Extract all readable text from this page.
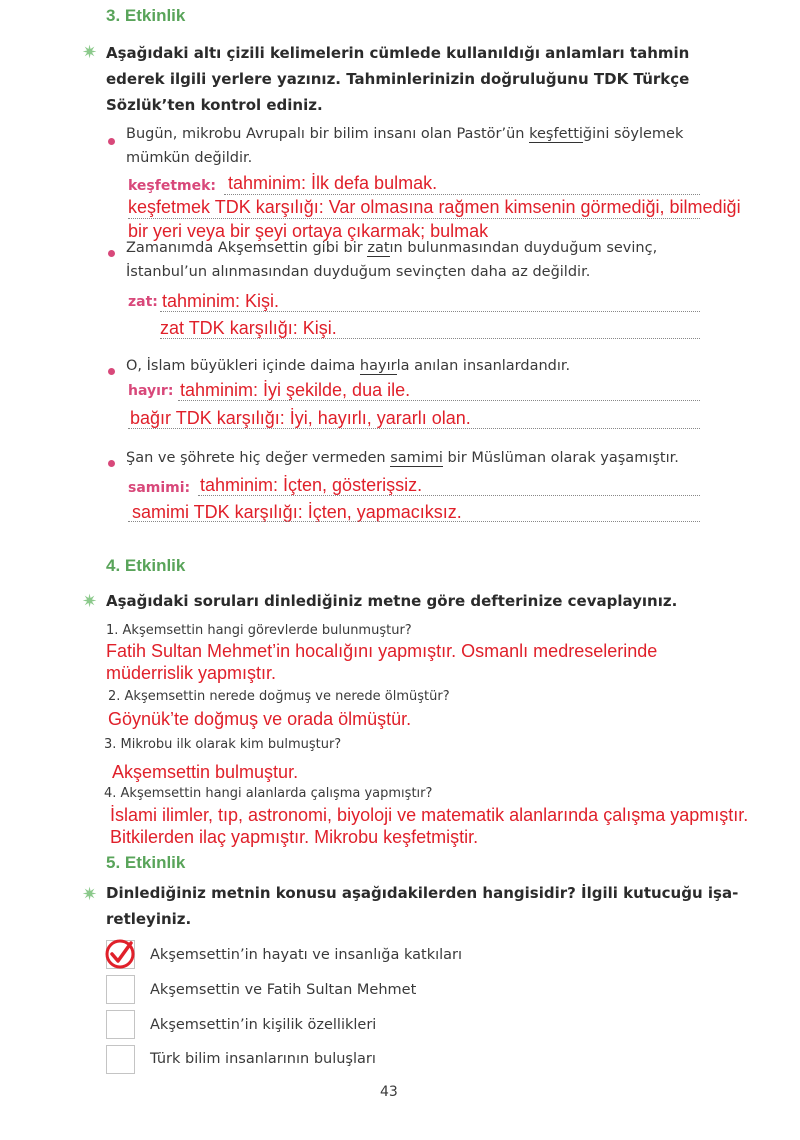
3. Etkinlik
✷ Aşağıdaki altı çizili kelimelerin cümlede kullanıldığı anlamları tahmin
ederek ilgili yerlere yazınız. Tahminlerinizin doğruluğunu TDK Türkçe
Sözlük’ten kontrol ediniz.
Bugün, mikrobu Avrupalı bir bilim insanı olan Pastör’ün keşfettiğini söylemek
mümkün değildir.
keşfetmek: tahminim: İlk defa bulmak.
keşfetmek TDK karşılığı: Var olmasına rağmen kimsenin görmediği, bilmediği
bir yeri veya bir şeyi ortaya çıkarmak; bulmak
Zamanımda Akşemsettin gibi bir zatın bulunmasından duyduğum sevinç,
İstanbul’un alınmasından duyduğum sevinçten daha az değildir.
zat: tahminim: Kişi.
zat TDK karşılığı: Kişi.
O, İslam büyükleri içinde daima hayırla anılan insanlardandır.
hayır: tahminim: İyi şekilde, dua ile.
bağır TDK karşılığı: İyi, hayırlı, yararlı olan.
Şan ve şöhrete hiç değer vermeden samimi bir Müslüman olarak yaşamıştır.
samimi: tahminim: İçten, gösterişsiz.
samimi TDK karşılığı: İçten, yapmacıksız.
4. Etkinlik
✷ Aşağıdaki soruları dinlediğiniz metne göre defterinize cevaplayınız.
1. Akşemsettin hangi görevlerde bulunmuştur?
Fatih Sultan Mehmet’in hocalığını yapmıştır. Osmanlı medreselerinde
müderrislik yapmıştır.
2. Akşemsettin nerede doğmuş ve nerede ölmüştür?
Göynük’te doğmuş ve orada ölmüştür.
3. Mikrobu ilk olarak kim bulmuştur?
Akşemsettin bulmuştur.
4. Akşemsettin hangi alanlarda çalışma yapmıştır?
İslami ilimler, tıp, astronomi, biyoloji ve matematik alanlarında çalışma yapmıştır.
Bitkilerden ilaç yapmıştır. Mikrobu keşfetmiştir.
5. Etkinlik
✷ Dinlediğiniz metnin konusu aşağıdakilerden hangisidir? İlgili kutucuğu işa-
retleyiniz.
Akşemsettin’in hayatı ve insanlığa katkıları
Akşemsettin ve Fatih Sultan Mehmet
Akşemsettin’in kişilik özellikleri
Türk bilim insanlarının buluşları
43
